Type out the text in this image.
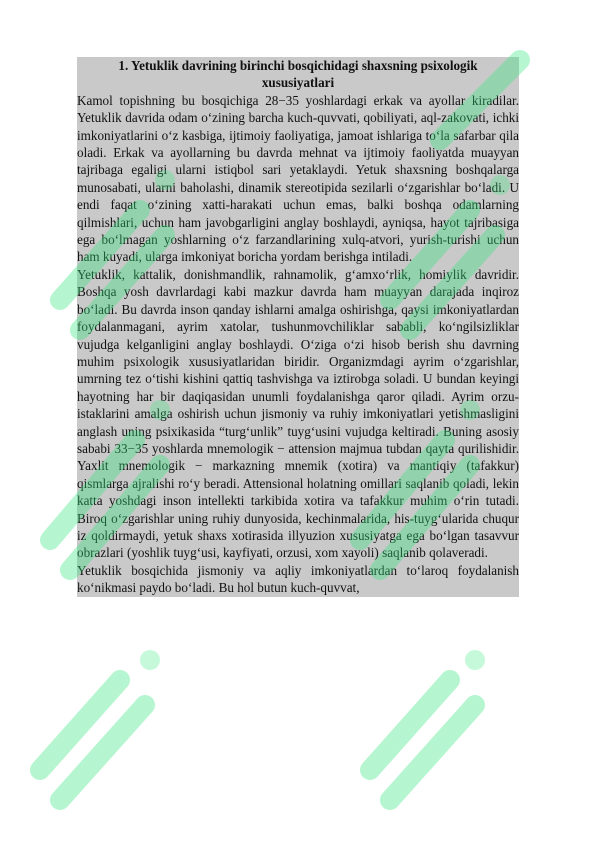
1. Yetuklik davrining birinchi bosqichidagi shaxsning psixologik xususiyatlari

Kamol topishning bu bosqichiga 28−35 yoshlardagi erkak va ayollar kiradilar. Yetuklik davrida odam o‘zining barcha kuch-quvvati, qobiliyati, aql-zakovati, ichki imkoniyatlarini o‘z kasbiga, ijtimoiy faoliyatiga, jamoat ishlariga to‘la safarbar qila oladi. Erkak va ayollarning bu davrda mehnat va ijtimoiy faoliyatda muayyan tajribaga egaligi ularni istiqbol sari yetaklaydi. Yetuk shaxsning boshqalarga munosabati, ularni baholashi, dinamik stereotipida sezilarli o‘zgarishlar bo‘ladi. U endi faqat o‘zining xatti-harakati uchun emas, balki boshqa odamlarning qilmishlari, uchun ham javobgarligini anglay boshlaydi, ayniqsa, hayot tajribasiga ega bo‘lmagan yoshlarning o‘z farzandlarining xulq-atvori, yurish-turishi uchun ham kuyadi, ularga imkoniyat boricha yordam berishga intiladi.

Yetuklik, kattalik, donishmandlik, rahnamolik, g‘amxo‘rlik, homiylik davridir. Boshqa yosh davrlardagi kabi mazkur davrda ham muayyan darajada inqiroz bo‘ladi. Bu davrda inson qanday ishlarni amalga oshirishga, qaysi imkoniyatlardan foydalanmagani, ayrim xatolar, tushunmovchiliklar sababli, ko‘ngilsizliklar vujudga kelganligini anglay boshlaydi. O‘ziga o‘zi hisob berish shu davrning muhim psixologik xususiyatlaridan biridir. Organizmdagi ayrim o‘zgarishlar, umrning tez o‘tishi kishini qattiq tashvishga va iztirobga soladi. U bundan keyingi hayotning har bir daqiqasidan unumli foydalanishga qaror qiladi. Ayrim orzu-istaklarini amalga oshirish uchun jismoniy va ruhiy imkoniyatlari yetishmasligini anglash uning psixikasida “turg‘unlik” tuyg‘usini vujudga keltiradi. Buning asosiy sababi 33−35 yoshlarda mnemologik − attension majmua tubdan qayta qurilishidir. Yaxlit mnemologik − markazning mnemik (xotira) va mantiqiy (tafakkur) qismlarga ajralishi ro‘y beradi. Attensional holatning omillari saqlanib qoladi, lekin katta yoshdagi inson intellekti tarkibida xotira va tafakkur muhim o‘rin tutadi. Biroq o‘zgarishlar uning ruhiy dunyosida, kechinmalarida, his-tuyg‘ularida chuqur iz qoldirmaydi, yetuk shaxs xotirasida illyuzion xususiyatga ega bo‘lgan tasavvur obrazlari (yoshlik tuyg‘usi, kayfiyati, orzusi, xom xayoli) saqlanib qolaveradi.

Yetuklik bosqichida jismoniy va aqliy imkoniyatlardan to‘laroq foydalanish ko‘nikmasi paydo bo‘ladi. Bu hol butun kuch-quvvat,
